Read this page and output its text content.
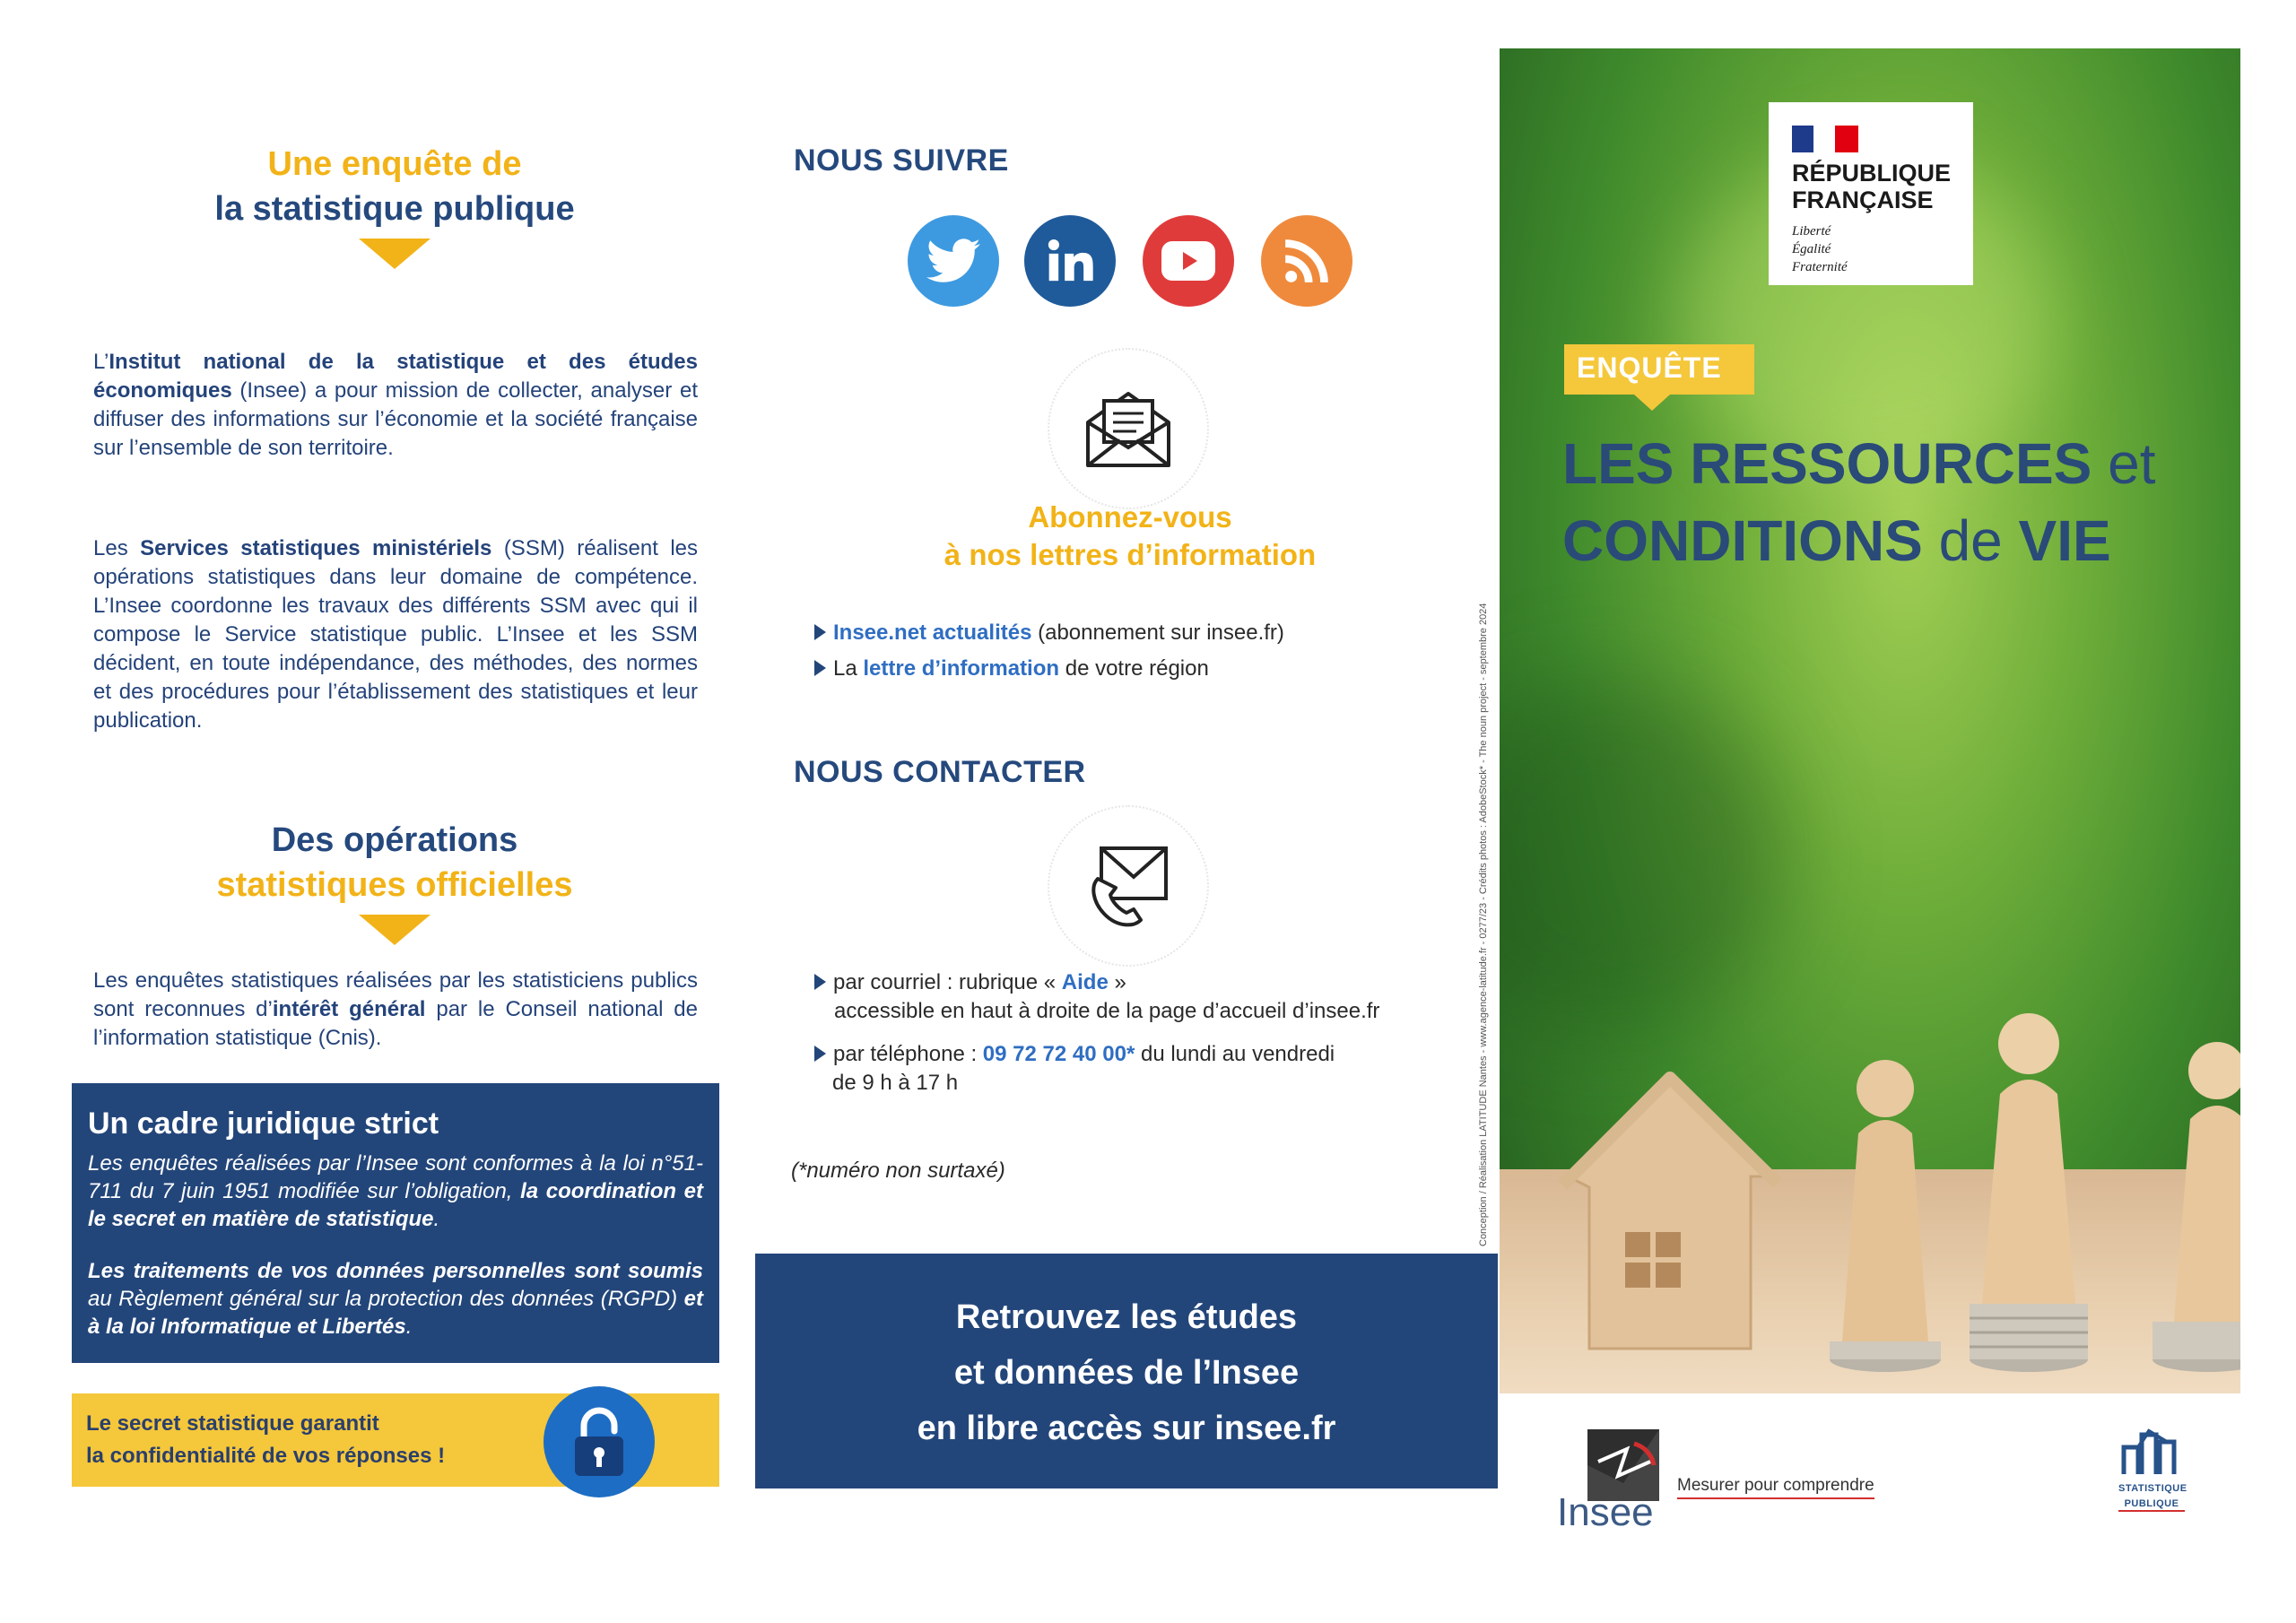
Une enquête de
la statistique publique

L’Institut national de la statistique et des études économiques (Insee) a pour mission de collecter, analyser et diffuser des informations sur l’économie et la société française sur l’ensemble de son territoire.

Les Services statistiques ministériels (SSM) réalisent les opérations statistiques dans leur domaine de compétence. L’Insee coordonne les travaux des différents SSM avec qui il compose le Service statistique public. L’Insee et les SSM décident, en toute indépendance, des méthodes, des normes et des procédures pour l’établissement des statistiques et leur publication.

Des opérations
statistiques officielles

Les enquêtes statistiques réalisées par les statisticiens publics sont reconnues d’intérêt général par le Conseil national de l’information statistique (Cnis).

Un cadre juridique strict

Les enquêtes réalisées par l’Insee sont conformes à la loi n°51-711 du 7 juin 1951 modifiée sur l’obligation, la coordination et le secret en matière de statistique.

Les traitements de vos données personnelles sont soumis au Règlement général sur la protection des données (RGPD) et à la loi Informatique et Libertés.

Le secret statistique garantit
la confidentialité de vos réponses !
NOUS SUIVRE
Abonnez-vous
à nos lettres d’information
Insee.net actualités (abonnement sur insee.fr)
La lettre d’information de votre région
NOUS CONTACTER
par courriel : rubrique « Aide »
accessible en haut à droite de la page d’accueil d’insee.fr
par téléphone : 09 72 72 40 00* du lundi au vendredi
de 9 h à 17 h
(*numéro non surtaxé)
Retrouvez les études
et données de l’Insee
en libre accès sur insee.fr
Conception / Réalisation LATITUDE Nantes - www.agence-latitude.fr - 0277/23 - Crédits photos : AdobeStock* - The noun project - septembre 2024
RÉPUBLIQUE
FRANÇAISE
Liberté
Égalité
Fraternité
ENQUÊTE
LES RESSOURCES et
CONDITIONS de VIE
Insee
Mesurer pour comprendre	STATISTIQUE
PUBLIQUE
